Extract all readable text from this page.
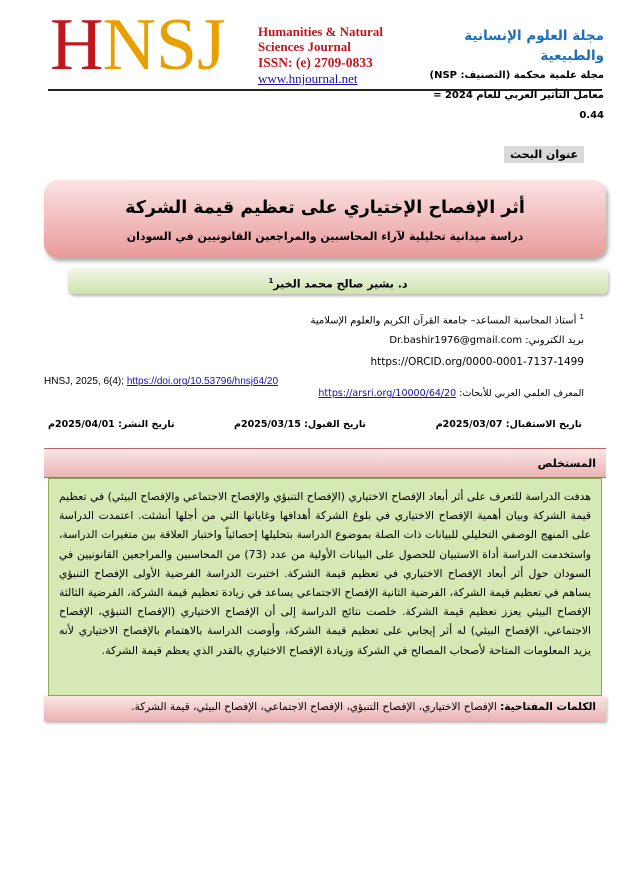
HNSJ	Humanities & Natural Sciences Journal
ISSN: (e) 2709-0833
www.hnjournal.net
مجلة العلوم الإنسانية والطبيعية
مجلة علمية محكمة (التصنيف: NSP)
معامل التأثير العربي للعام 2024 = 0.44
عنوان البحث
أثر الإفصاح الإختياري على تعظيم قيمة الشركة
دراسة ميدانية تحليلية لآراء المحاسبين والمراجعين القانونيين في السودان
د. بشير صالح محمد الخير$^1$
$^1$ أستاذ المحاسبة المساعد– جامعة القرآن الكريم والعلوم الإسلامية
بريد الكتروني: Dr.bashir1976@gmail.com
https://ORCID.org/0000-0001-7137-1499
HNSJ, 2025, 6(4); https://doi.org/10.53796/hnsj64/20
المعرف العلمي العربي للأبحاث: https://arsri.org/10000/64/20
تاريخ الاستقبال: 2025/03/07م
تاريخ القبول: 2025/03/15م
تاريخ النشر: 2025/04/01م
المستخلص
هدفت الدراسة للتعرف على أثر أبعاد الإفصاح الاختياري (الإفصاح التنبؤي والإفصاح الاجتماعي والإفصاح البيئي) في تعظيم قيمة الشركة وبيان أهمية الإفصاح الاختياري في بلوغ الشركة أهدافها وغاياتها التي من أجلها أنشئت. اعتمدت الدراسة على المنهج الوصفي التحليلي للبيانات ذات الصلة بموضوع الدراسة بتحليلها إحصائياً واختبار العلاقة بين متغيرات الدراسة، واستخدمت الدراسة أداة الاستبيان للحصول على البيانات الأولية من عدد (73) من المحاسبين والمراجعين القانونيين في السودان حول أثر أبعاد الإفصاح الاختياري في تعظيم قيمة الشركة. اختبرت الدراسة الفرضية الأولى الإفصاح التنبؤي يساهم في تعظيم قيمة الشركة، الفرضية الثانية الإفصاح الاجتماعي يساعد في زيادة تعظيم قيمة الشركة، الفرضية الثالثة الإفصاح البيئي يعزز تعظيم قيمة الشركة. خلصت نتائج الدراسة إلى أن الإفصاح الاختياري (الإفصاح التنبؤي، الإفصاح الاجتماعي، الإفصاح البيئي) له أثر إيجابي على تعظيم قيمة الشركة، وأوصت الدراسة بالاهتمام بالإفصاح الاختياري لأنه يزيد المعلومات المتاحة لأصحاب المصالح في الشركة وزيادة الإفصاح الاختياري بالقدر الذي يعظم قيمة الشركة.
الكلمات المفتاحية: الإفصاح الاختياري، الإفصاح التنبؤي، الإفصاح الاجتماعي، الإفصاح البيئي، قيمة الشركة.
